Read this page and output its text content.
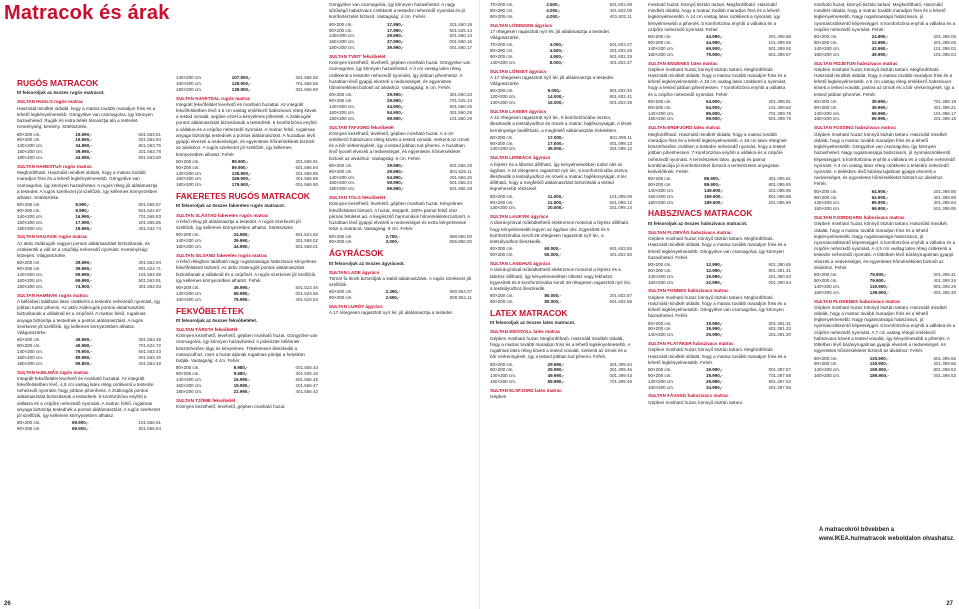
Matracok és árak
RUGÓS MATRACOK
Itt felsoroljuk az összes rugós matracot.
SULTAN HUGLO rugós matrac

Használd mindkét oldalát, hogy a matrac tovább maradjon friss és a lehető legkényelmesebb. Göngyölve van csomagolva, így könnyen hazaviheted. Rugók és extra bélés támasztja alá a testedet. Keménység: kemény. Sötétszürke.

80×200 cm.	19.990,-	601.563.81
90×200 cm.	19.990,-	001.563.84
140×200 cm.	34.990,-	801.563.75
160×200 cm.	39.990,-	201.563.78
180×200 cm.	44.990,-	801.563.80
SULTAN HARESTUA rugós matrac

Megfordítható. Használd mindkét oldalát, hogy a matrac tovább maradjon friss és a lehető legkényelmesebb. Göngyölve van csomagolva, így könnyen hazaviheted. A rugós réteg jól alátámasztja a testedet. A rugós szerkezet jól szellőzik, így kellemes környezetben alhatsz. Sötétszürke.

80×200 cm.	8.990,-	801.565.87
90×200 cm.	8.990,-	501.524.87
140×200 cm.	16.990,-	701.565.83
160×200 cm.	17.990,-	201.565.85
180×200 cm.	19.990,-	401.632.74
SULTAN HAGAVIK rugós matrac

Az aktív zsákrugók nagyon pontos alátámasztást biztosítanak, és csökkentik a váll és a csípőtáji nehezedő nyomást. Kemény/ság: közepes. Világosszürke.

80×200 cm.	39.990,-	301.562.94
90×200 cm.	39.990,-	901.524.71
140×200 cm.	59.990,-	101.562.89
160×200 cm.	69.990,-	501.562.91
180×200 cm.	74.900,-	301.562.93
SULTAN HAMNVIK rugós matrac

A bélésben található latex csökkenti a testedre nehezedő nyomást, így jobban tudsz pihenni. Az aktív zsákrugók pontos alátámasztást biztosítanak a vállaknál és a csípőnél. A matrac felső, rugalmas anyaga biztosítja a testednek a pontos alátámasztást. A rugós szerkezet jól szellőzik, így kellemes környezetben alhatsz. Világosszürke.

80×200 cm.	49.990,-	301.563.49
90×200 cm.	49.990,-	701.524.72
140×200 cm.	79.900,-	601.563.43
160×200 cm.	89.990,-	001.563.45
180×200 cm.	99.800,-	201.563.48
SULTAN HJELMÅS rugós matrac

Integrált fekvőfelület levehető és mosható huzattal. Az integrált fekvőfelületben lévő, 4,5 cm vastag latex réteg csökkenti a testedre nehezedő nyomást, hogy jobban pihenhess. A zsákrugók pontos alátámasztást biztosítanak a testednek. 5 komfortzóna enyhíti a vállakra és a csípőre nehezedő nyomást. A matrac felső, rugalmas anyaga biztosítja testednek a pontos alátámasztást. A rugós szerkezet jól szellőzik, így kellemes környezetben alhatsz.

80×200 cm.	69.900,-	101.566.61
90×200 cm.	69.900,-	501.566.64
140×200 cm.	107.900,-	301.566.55
160×200 cm.	129.900,-	701.566.58
180×200 cm.	139.900,-	301.566.60
SULTAN HJARTDAL rugós matrac

Integrált fekvőfelület levehető és mosható huzattal. Az integrált fekvőfelületben lévő 4,5 cm vastag emlékező habszivacs réteg követi a tested vonalát, segítve ezzel a kényelmes pihenést. A zsákrugók pontos alátámasztást biztosítanak a testednek. 5 komfortzóna enyhíti a vállakra és a csípőre nehezedő nyomást. A matrac felső, rugalmas anyaga biztosítja testednek a pontos alátámasztást. A huzatban lévő gyapjú elvezeti a nedvességet, és egyenletes hőmérsékletet biztosít az alváshoz. A rugós szerkezet jól szellőzik, így kellemes környezetben alhatsz. Fehér.

80×200 cm.	89.900,-	201.566.91
90×200 cm.	89.900,-	601.566.94
140×200 cm.	129.900,-	201.566.85
160×200 cm.	169.900,-	401.566.88
180×200 cm.	179.900,-	001.566.90
FAKERETES RUGÓS MATRACOK
Itt felsoroljuk az összes fakeretes rugós matracot.
SULTAN SLÅSTAD fakeretes rugós matrac

A felső réteg jól alátámasztja a testedet. A rugós szerkezet jól szellőzik, így kellemes környezetben alhatsz. Sötétszürke.

90×200 cm.	24.990,-	501.524.92
140×200 cm.	39.990,-	301.568.02
160×200 cm.	44.990,-	501.568.01
SULTAN SILSAND fakeretes rugós matrac

A felső rétegben található nagy rugalmasságú habszivacs kényelmes fekvőfelületet biztosít. Az aktív zsákrugók pontos alátámasztást biztosítanak a vállaknál és a csípőnél. A rugós szerkezet jól szellőzik, így kellemes környezetben alhatsz. Fehér.

90×200 cm.	49.990,-	501.523.46
140×200 cm.	69.990,-	001.523.56
160×200 cm.	79.990,-	401.523.54
FEKVŐBETÉTEK
Itt felsoroljuk az összes fekvőbetétet.
SULTAN TÄRSTA fekvőbetét

Könnyen kezelhető; levehető, gépben mosható huzat. Göngyölve van csomagolva, így könnyen hazaviheted. A poliészter bélésnek köszönhetően lágy és kényelmes. Tökéletesen illeszkedik a matracodhoz, mert a huzat aljának rugalmas pántjai a helyükön tartják. Vastagság: 4 cm. Fehér.

80×200 cm.	9.980,-	001.556.43
90×200 cm.	9.980,-	301.525.15
140×200 cm.	16.990,-	601.556.45
160×200 cm.	19.990,-	201.556.47
180×200 cm.	22.990,-	401.556.42
SULTAN TJÖME fekvőbetét

Könnyen kezelhető; levehető, gépben mosható huzat.

Göngyölve van csomagolva, így könnyen hazaviheted. A nagy sűrűségű habszivacs csökkenti a testedre nehezedő nyomást és jó komfortérzetet biztosít. Vastagság: 4 cm. Fehér.

80×200 cm.	17.990,-	201.560.19
90×200 cm.	17.990,-	601.525.14
140×200 cm.	29.990,-	501.560.13
160×200 cm.	37.990,-	001.560.15
180×200 cm.	39.990,-	001.560.17
SULTAN TVEIT fekvőbetét

Könnyen kezelhető; levehető, gépben mosható huzat. Göngyölve van csomagolva, így könnyen hazaviheted. A 3 cm vastag latex réteg csökkenti a testedre nehezedő nyomást, így jobban pihenhetsz. A huzatban lévő gyapjú elvezeti a nedvességet, és egyenletes hőmérsékletet biztosít az alváshoz. Vastagság: 5 cm. Fehér.

80×200 cm.	29.990,-	301.560.33
90×200 cm.	29.990,-	701.525.13
140×200 cm.	44.900,-	901.560.25
160×200 cm.	54.900,-	301.560.28
180×200 cm.	59.990,-	101.560.29
SULTAN TAFJORD fekvőbetét

Könnyen kezelhető; levehető, gépben mosható huzat. A 4 cm emlékező habszivacs réteg követi a tested vonalát, serkenti az izmok és a bőr vérkeringését, így a tested jobban tud pihenni. A huzatban lévő lyocell elvezeti a nedvességet, és egyenletes hőmérsékletet biztosít az alváshoz. Vastagság: 6 cm. Fehér.

80×200 cm.	29.990,-	501.556.29
90×200 cm.	29.990,-	801.525.11
140×200 cm.	54.990,-	201.556.26
160×200 cm.	59.990,-	601.556.24
180×200 cm.	69.990,-	501.556.28
SULTAN TOLG fekvőbetét

Könnyen kezelhető; levehető, gépben mosható huzat. Kényelmes fekvőfelületet biztosít. A huzat, steppelt, 100% pamut felső rész párnás felületet ad. A kiegészítő harmonikus hőmérsékletet biztosít. A huzatban lévő gyapjú elvezeti a nedvességet és extra kényelmessé teszi a matracot. Vastagság: 6 cm. Fehér.

80×200 cm.	2.750,-	958.850.00
90×200 cm.	3.000,-	555.850.00
ÁGYRÁCSOK
Itt felsoroljuk az összes ágyrácsot.
SULTAN LADE ágyrács

Tömör fa lécek biztosítják a stabil alátámasztást. A rugós szerkezet jól szellőzik.

80×200 cm.	2.390,-	900.954.07
90×200 cm.	2.590,-	000.954.11
SULTAN LURÖY ágyrács

A 17 rétegesen ragasztott nyír léc jól alátámasztja a testedet.

70×200 cm.	3.500,-	501.602.08
80×200 cm.	4.000,-	401.602.09
90×200 cm.	4.000,-	401.602.11
SULTAN LÖDINGEN ágyrács

17 rétegesen ragasztott nyír léc jól alátámasztja a testedet. Világosszürke.

70×200 cm.	4.000,-	601.602.27
80×200 cm.	4.500,-	301.602.28
90×200 cm.	4.500,-	501.602.29
140×200 cm.	8.000,-	401.602.37
SULTAN LÖNSET ágyrács

A 17 rétegesen ragasztott nyír léc jól alátámasztja a testedet. Világosszürke.

90×200 cm.	9.000,-	801.602.40
120×200 cm.	14.000,-	801.602.41
140×200 cm.	16.000,-	001.602.39
SULTAN LAXEBY ágyrács

A 42 rétegesen ragasztott nyír léc, 5 komfortzónába osztva, illeszkedik a testsúlyodhoz és növeli a matrac hajlékonyságát. A lécek keménysége beállítható, a megfelelő alátámasztás érdekében.

80×200 cm.	17.000,-	801.099.11
90×200 cm.	17.000,-	001.099.13
140×200 cm.	35.000,-	201.099.12
SULTAN LERBÄCK ágyrács

A fejrész és a lábrész állítható, így kényelmesebben tudsz ülni az ágyban. A 24 rétegesen ragasztott nyír léc, 5 komfortzónába osztva, illeszkedik a testsúlyodhoz és növeli a matrac hajlékonyságát. 6 léc állítható, hogy a megfelelő alátámasztást biztosítsák a tested legnehezebb részeinél.

80×200 cm.	11.000,-	101.099.09
90×200 cm.	11.000,-	501.099.12
140×200 cm.	20.000,-	201.099.14
SULTAN LAUKVIK ágyrács

A távirányítóval működtethető elektromos motorral a fejrész állítható, hogy kényelmesebb legyen az ágyban ülni. Egyesített és 5 komfortzónába sorolt 28 rétegesen ragasztott nyír léc, a testsúlyodhoz illeszkedik.

80×200 cm.	60.000,-	601.602.55
90×200 cm.	60.000,-	401.602.56
SULTAN LANGHUS ágyrács

A távirányítóval működtethető elektromos motorral a fejrész és a lábrész állítható, így kényelmesebben ülhetsz vagy fekhetsz. Egyesített és 5 komfortzónába sorolt 28 rétegesen ragasztott nyír léc, a testsúlyodhoz illeszkedik.

80×200 cm.	80.000,-	201.602.57
90×200 cm.	80.000,-	601.602.58
LATEX MATRACOK
Itt felsoroljuk az összes latex matracot.
SULTAN EIDSVOLL latex matrac

Gépben mosható huzat. Megfordítható. Használd mindkét oldalát, hogy a matrac tovább maradjon friss és a lehető legkényelmesebb. A rugalmas latex réteg követi a tested vonalát, serkenti az izmok és a bőr vérkeringését, így a tested jobban tud pihenni. Fehér.

80×200 cm.	29.990,-	301.399.44
90×200 cm.	29.990,-	301.399.45
140×200 cm.	49.990,-	001.399.43
160×200 cm.	59.990,-	701.399.49
SULTAN ELSFJORD latex matrac

Gépben

mosható huzat; könnyű tisztán tartani. Megfordítható. Használd mindkét oldalát, hogy a matrac tovább maradjon friss és a lehető legkényelmesebb. A 14 cm vastag latex csökkenti a nyomást, így kényelmesebb a pihenés. 5 komfortzóna enyhíti a vállakra és a csípőre nehezedő nyomást. Fehér.

80×200 cm.	44.990,-	301.399.58
90×200 cm.	44.990,-	101.399.59
140×200 cm.	69.900,-	501.399.55
160×200 cm.	79.900,-	501.399.57
SULTAN ENGENES latex matrac

Gépben mosható huzat; könnyű tisztán tartani. Megfordítható. Használd mindkét oldalát, hogy a matrac tovább maradjon friss és a lehető legkényelmesebb. A 18 cm vastag latex csökkenti a nyomást, hogy a tested jobban pihenhessen. 7 komfortzóna enyhíti a vállakra és a csípőre nehezedő nyomást. Fehér.

80×200 cm.	64.900,-	301.399.81
90×200 cm.	64.900,-	101.399.82
140×200 cm.	89.900,-	701.399.76
160×200 cm.	99.900,-	501.399.79
SULTAN ERDFJORD latex matrac

Megfordítható. Használd mindkét oldalát, hogy a matrac tovább maradjon friss és a lehető legkényelmesebb. A 18 cm latex rétegnek köszönhetően csökken a testedre nehezedő nyomás, hogy a tested jobban pihenhessen. 7 komfortzóna enyhíti a vállakra és a csípőre nehezedő nyomást. A természetes latex, gyapjú és pamut kombinációja jó komfortérzetet biztosít a természetes anyagokat kedvelőknek. Fehér.

80×200 cm.	89.900,-	301.095.81
90×200 cm.	89.900,-	801.095.85
140×200 cm.	149.900,-	201.095.86
160×200 cm.	169.900,-	801.095.88
180×200 cm.	189.900,-	201.095.89
HABSZIVACS MATRACOK
Itt felsoroljuk az összes habszivacs matracot.
SULTAN FLORVÅG habszivacs matrac

Gépben mosható huzat; könnyű tisztán tartani. Megfordítható. Használd mindkét oldalát, hogy a matrac tovább maradjon friss és a lehető legkényelmesebb. Göngyölve van csomagolva, így könnyen hazaviheted. Fehér.

80×200 cm.	12.990,-	801.390.55
90×200 cm.	12.990,-	801.391.31
140×200 cm.	19.990,-	201.390.53
160×200 cm.	22.990,-	001.390.54
SULTAN FONNES habszivacs matrac

Gépben mosható huzat; könnyű tisztán tartani. Megfordítható. Használd mindkét oldalát, hogy a matrac tovább maradjon friss és a lehető legkényelmesebb. Göngyölve van csomagolva, így könnyen hazaviheted. Fehér.

80×200 cm.	19.990,-	001.391.31
90×200 cm.	19.990,-	601.391.33
140×200 cm.	29.990,-	201.391.30
SULTAN FLATÅKER habszivacs matrac

Gépben mosható huzat; könnyű tisztán tartani. Megfordítható. Használd mindkét oldalát, hogy a matrac tovább maradjon friss és a lehető legkényelmesebb. Fehér.

80×200 cm.	19.990,-	901.397.57
90×200 cm.	19.990,-	701.397.58
140×200 cm.	29.990,-	901.397.52
160×200 cm.	34.990,-	301.397.55
SULTAN FÅVANG habszivacs matrac

Gépben mosható huzat; könnyű tisztán tartani.

mosható huzat; könnyű tisztán tartani. Megfordítható. Használd mindkét oldalát, hogy a matrac tovább maradjon friss és a lehető legkényelmesebb. Nagy rugalmasságú habszivacs, jó nyomáscsökkentő képességgel. 5 komfortzóna enyhíti a vállakra és a csípőre nehezedő nyomást. Fehér.

80×200 cm.	24.990,-	201.398.05
90×200 cm.	24.990,-	401.398.06
140×200 cm.	42.990,-	101.398.03
160×200 cm.	49.990,-	101.398.04
SULTAN FIDJETUN habszivacs matrac

Gépben mosható huzat; könnyű tisztán tartani. Megfordítható. Használd mindkét oldalát, hogy a matrac tovább maradjon friss és a lehető legkényelmesebb. A 5 cm vastag réteg emlékező habszivacs követi a tested vonalát, javítva az izmok és a bőr vérkeringését, így a tested jobban pihenhet. Fehér.

80×200 cm.	39.990,-	701.398.19
90×200 cm.	39.990,-	301.398.21
140×200 cm.	59.990,-	101.398.17
160×200 cm.	69.990,-	201.398.16
SULTAN FOSSING habszivacs matrac

Gépben mosható huzat; könnyű tisztán tartani. Használd mindkét oldalát, hogy a matrac tovább maradjon friss és a lehető legkényelmesebb. Göngyölve van csomagolva, így könnyen hazaviheted. Nagy rugalmasságú habszivacs, jó nyomáscsökkentő képességgel. 5 komfortzóna enyhíti a vállakra és a csípőre nehezedő nyomást. A 3 cm vastag latex réteg csökkenti a testedre nehezedő nyomást. A bélésben lévő bárányrugalmas gyapjú elvezeti a nedvességet, és egyenletes hőmérsékletet biztosít az alváshoz. Fehér.

80×200 cm.	64.900,-	201.398.88
90×200 cm.	64.900,-	401.398.89
140×200 cm.	89.900,-	301.398.84
160×200 cm.	99.900,-	501.398.85
SULTAN FJORDGARD habszivacs matrac

Gépben mosható huzat; könnyű tisztán tartani. Használd mindkét oldalát, hogy a matrac tovább maradjon friss és a lehető legkényelmesebb. Nagy rugalmasságú habszivacs, jó nyomáscsökkentő képességgel. 5 komfortzóna enyhíti a vállakra és a csípőre nehezedő nyomást. A 4,5 cm vastag latex réteg csökkenti a testedre nehezedő nyomást. A töltetben lévő bárányrugalmas gyapjú elvezeti a nedvességet, és egyenletes hőmérsékletet biztosít az alváshoz. Fehér.

80×200 cm.	79.900,-	001.399.31
90×200 cm.	79.900,-	401.399.34
140×200 cm.	119.900,-	801.399.29
160×200 cm.	139.900,-	001.399.30
SULTAN FLOKENES habszivacs matrac

Gépben mosható huzat; könnyű tisztán tartani. Használd mindkét oldalát, hogy a matrac tovább maradjon friss és a lehető legkényelmesebb. Nagy rugalmasságú habszivacs, jó nyomáscsökkentő képességgel. 5 komfortzóna enyhíti a vállakra és a csípőre nehezedő nyomást. A 7 cm vastag rétegű emlékező habszivacs követi a tested vonalát, így kényelmesebb a pihenés. A töltetben lévő bárányrugalmas gyapjú elvezeti a nedvességet, és egyenletes hőmérsékletet biztosít az alváshoz. Fehér.

80×200 cm.	119.900,-	501.399.55
90×200 cm.	119.900,-	201.399.56
140×200 cm.	169.900,-	801.399.52
160×200 cm.	189.900,-	001.399.53
A matracokról bővebben a www.IKEA.hu/matracok weboldalon olvashatsz.
26	27
